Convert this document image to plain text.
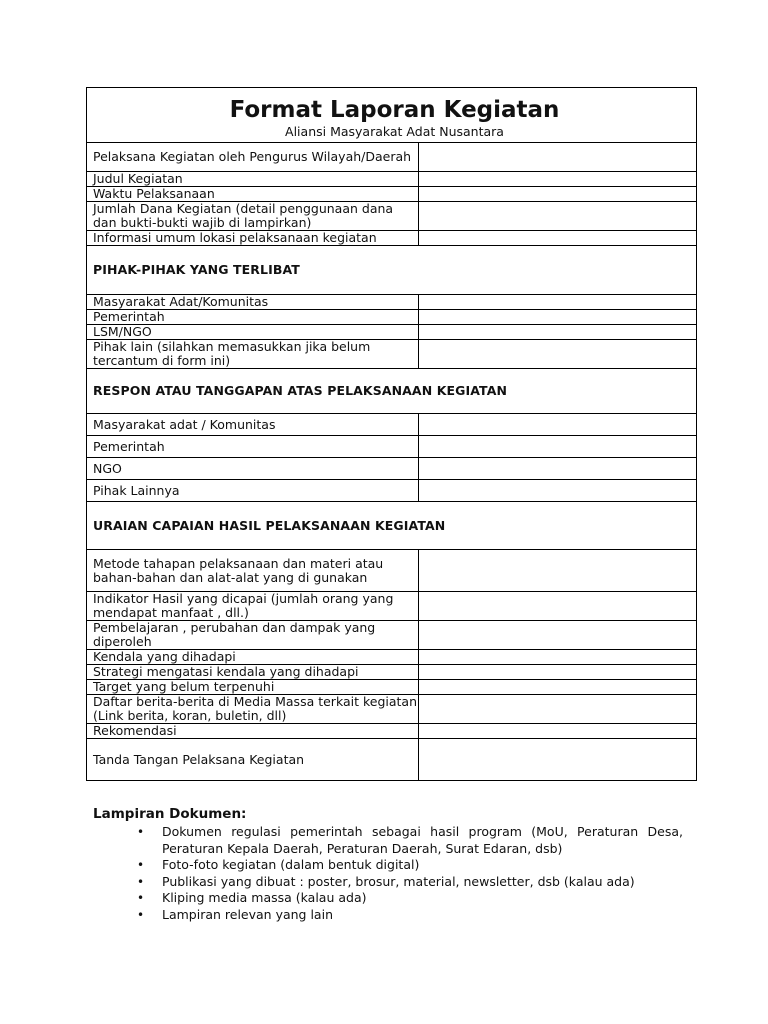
Format Laporan Kegiatan
Aliansi Masyarakat Adat Nusantara	

Pelaksana Kegiatan oleh Pengurus Wilayah/Daerah	
Judul Kegiatan	
Waktu Pelaksanaan	
Jumlah Dana Kegiatan (detail penggunaan dana dan bukti-bukti wajib di lampirkan)	
Informasi umum lokasi pelaksanaan kegiatan	
PIHAK-PIHAK YANG TERLIBAT	
Masyarakat Adat/Komunitas	
Pemerintah	
LSM/NGO	
Pihak lain (silahkan memasukkan jika belum tercantum di form ini)	
RESPON ATAU TANGGAPAN ATAS PELAKSANAAN KEGIATAN	
Masyarakat adat / Komunitas	
Pemerintah	
NGO	
Pihak Lainnya	
URAIAN CAPAIAN HASIL PELAKSANAAN KEGIATAN	
Metode tahapan pelaksanaan dan materi atau bahan-bahan dan alat-alat yang di gunakan	
Indikator Hasil yang dicapai (jumlah orang yang mendapat manfaat , dll.)	
Pembelajaran , perubahan dan dampak yang diperoleh	
Kendala yang dihadapi	
Strategi mengatasi kendala yang dihadapi	
Target yang belum terpenuhi	
Daftar berita-berita di Media Massa terkait kegiatan (Link berita, koran, buletin, dll)	
Rekomendasi	
Tanda Tangan Pelaksana Kegiatan	
Lampiran Dokumen:
• Dokumen regulasi pemerintah sebagai hasil program (MoU, Peraturan Desa, Peraturan Kepala Daerah, Peraturan Daerah, Surat Edaran, dsb)
• Foto-foto kegiatan (dalam bentuk digital)
• Publikasi yang dibuat : poster, brosur, material, newsletter, dsb (kalau ada)
• Kliping media massa (kalau ada)
• Lampiran relevan yang lain
